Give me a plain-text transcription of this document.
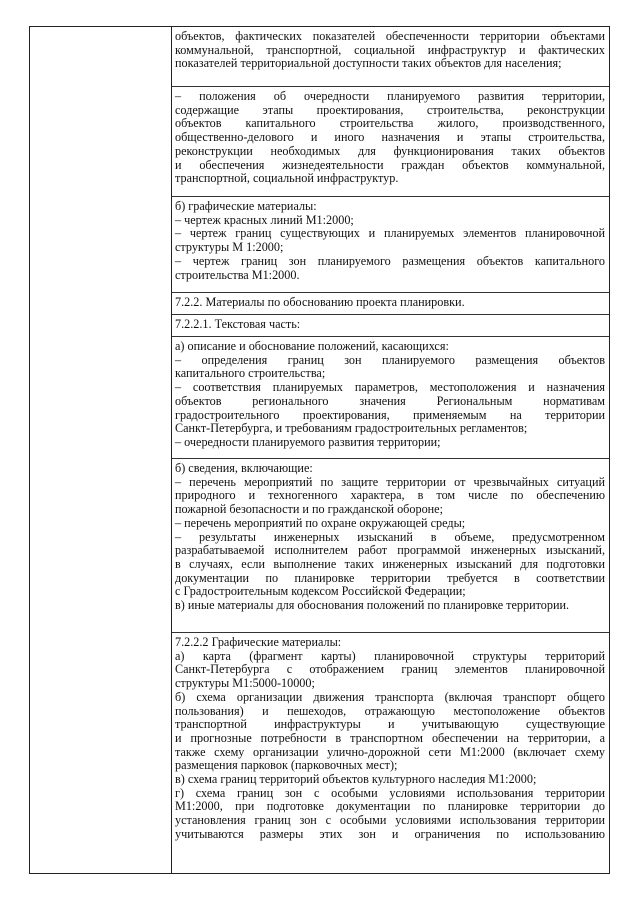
объектов, фактических показателей обеспеченности территории объектами
коммунальной, транспортной, социальной инфраструктур и фактических
показателей территориальной доступности таких объектов для населения;
– положения об очередности планируемого развития территории,
содержащие этапы проектирования, строительства, реконструкции
объектов капитального строительства жилого, производственного,
общественно-делового и иного назначения и этапы строительства,
реконструкции необходимых для функционирования таких объектов
и обеспечения жизнедеятельности граждан объектов коммунальной,
транспортной, социальной инфраструктур.
б) графические материалы:
– чертеж красных линий М1:2000;
– чертеж границ существующих и планируемых элементов планировочной
структуры М 1:2000;
– чертеж границ зон планируемого размещения объектов капитального
строительства М1:2000.
7.2.2. Материалы по обоснованию проекта планировки.
7.2.2.1. Текстовая часть:
а) описание и обоснование положений, касающихся:
– определения границ зон планируемого размещения объектов
капитального строительства;
– соответствия планируемых параметров, местоположения и назначения
объектов регионального значения Региональным нормативам
градостроительного проектирования, применяемым на территории
Санкт-Петербурга, и требованиям градостроительных регламентов;
– очередности планируемого развития территории;
б) сведения, включающие:
– перечень мероприятий по защите территории от чрезвычайных ситуаций
природного и техногенного характера, в том числе по обеспечению
пожарной безопасности и по гражданской обороне;
– перечень мероприятий по охране окружающей среды;
– результаты инженерных изысканий в объеме, предусмотренном
разрабатываемой исполнителем работ программой инженерных изысканий,
в случаях, если выполнение таких инженерных изысканий для подготовки
документации по планировке территории требуется в соответствии
с Градостроительным кодексом Российской Федерации;
в) иные материалы для обоснования положений по планировке территории.
7.2.2.2 Графические материалы:
а) карта (фрагмент карты) планировочной структуры территорий
Санкт-Петербурга с отображением границ элементов планировочной
структуры М1:5000-10000;
б) схема организации движения транспорта (включая транспорт общего
пользования) и пешеходов, отражающую местоположение объектов
транспортной инфраструктуры и учитывающую существующие
и прогнозные потребности в транспортном обеспечении на территории, а
также схему организации улично-дорожной сети М1:2000 (включает схему
размещения парковок (парковочных мест);
в) схема границ территорий объектов культурного наследия М1:2000;
г) схема границ зон с особыми условиями использования территории
М1:2000, при подготовке документации по планировке территории до
установления границ зон с особыми условиями использования территории
учитываются размеры этих зон и ограничения по использованию
